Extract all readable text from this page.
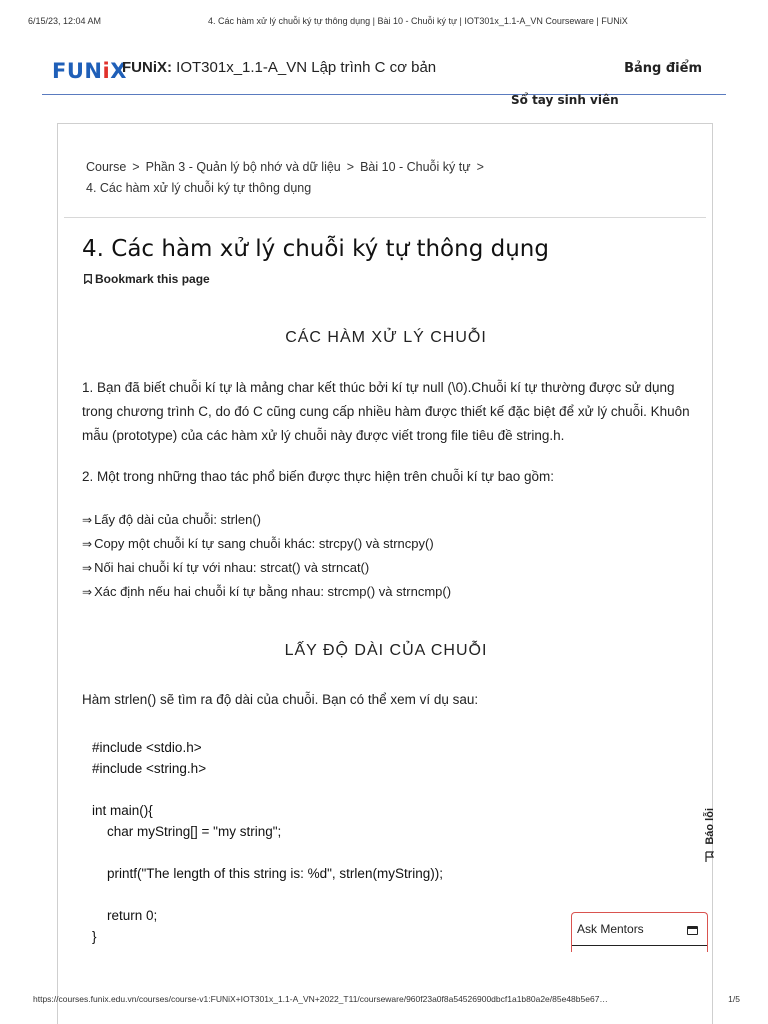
6/15/23, 12:04 AM	4. Các hàm xử lý chuỗi ký tự thông dụng | Bài 10 - Chuỗi ký tự | IOT301x_1.1-A_VN Courseware | FUNiX
FUNiX
FUNiX: IOT301x_1.1-A_VN Lập trình C cơ bản	Bảng điểm
Sổ tay sinh viên
Course > Phần 3 - Quản lý bộ nhớ và dữ liệu > Bài 10 - Chuỗi ký tự >
4. Các hàm xử lý chuỗi ký tự thông dụng
4. Các hàm xử lý chuỗi ký tự thông dụng
Bookmark this page
CÁC HÀM XỬ LÝ CHUỖI

1. Bạn đã biết chuỗi kí tự là mảng char kết thúc bởi kí tự null (\0).Chuỗi kí tự thường được sử dụng trong chương trình C, do đó C cũng cung cấp nhiều hàm được thiết kế đặc biệt để xử lý chuỗi. Khuôn mẫu (prototype) của các hàm xử lý chuỗi này được viết trong file tiêu đề string.h.

2. Một trong những thao tác phổ biến được thực hiện trên chuỗi kí tự bao gồm:

⇒ Lấy độ dài của chuỗi: strlen()
⇒ Copy một chuỗi kí tự sang chuỗi khác: strcpy() và strncpy()
⇒ Nối hai chuỗi kí tự với nhau: strcat() và strncat()
⇒ Xác định nếu hai chuỗi kí tự bằng nhau: strcmp() và strncmp()
LẤY ĐỘ DÀI CỦA CHUỖI

Hàm strlen() sẽ tìm ra độ dài của chuỗi. Bạn có thể xem ví dụ sau:

#include <stdio.h>
#include <string.h>

int main(){
char myString[] = "my string";

printf("The length of this string is: %d", strlen(myString));

return 0;
}
Báo lỗi
Ask Mentors
https://courses.funix.edu.vn/courses/course-v1:FUNiX+IOT301x_1.1-A_VN+2022_T11/courseware/960f23a0f8a54526900dbcf1a1b80a2e/85e48b5e67…	1/5
